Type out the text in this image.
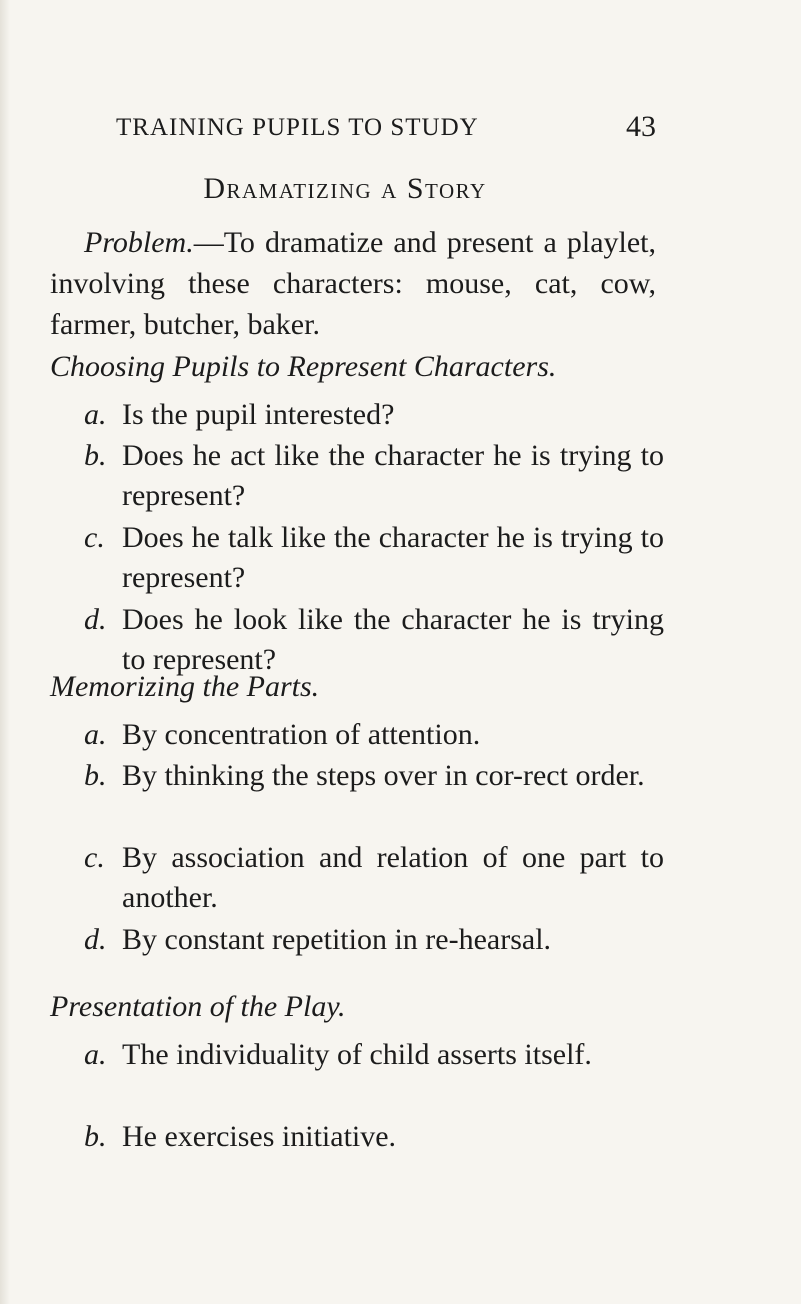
TRAINING PUPILS TO STUDY	43
Dramatizing a Story
Problem.—To dramatize and present a playlet, involving these characters: mouse, cat, cow, farmer, butcher, baker.
Choosing Pupils to Represent Characters.
a. Is the pupil interested?
b. Does he act like the character he is trying to represent?
c. Does he talk like the character he is trying to represent?
d. Does he look like the character he is trying to represent?
Memorizing the Parts.
a. By concentration of attention.
b. By thinking the steps over in cor-rect order.
c. By association and relation of one part to another.
d. By constant repetition in re-hearsal.
Presentation of the Play.
a. The individuality of child asserts itself.
b. He exercises initiative.
